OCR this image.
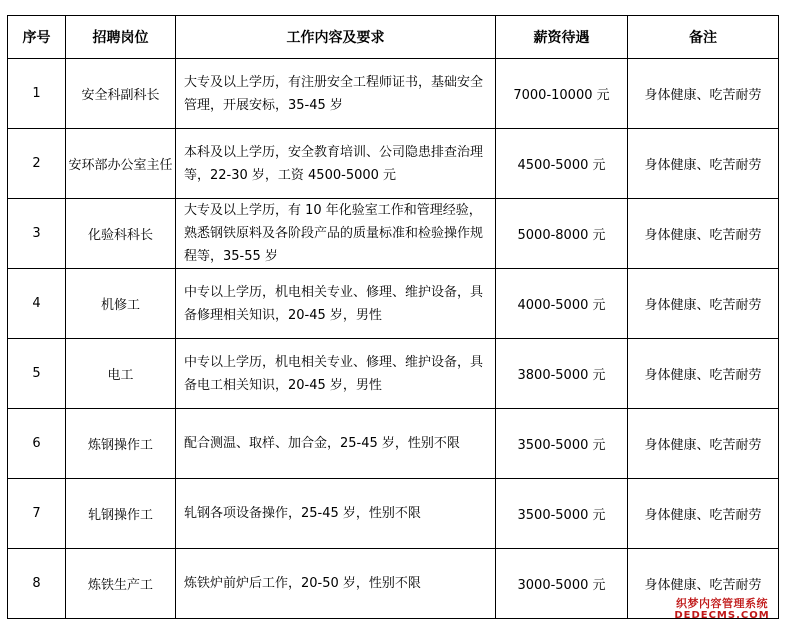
序号	招聘岗位	工作内容及要求	薪资待遇	备注
1	安全科副科长	大专及以上学历，有注册安全工程师证书，基础安全管理，开展安标，35-45 岁	7000-10000 元	身体健康、吃苦耐劳
2	安环部办公室主任	本科及以上学历，安全教育培训、公司隐患排查治理等，22-30 岁，工资 4500-5000 元	4500-5000 元	身体健康、吃苦耐劳
3	化验科科长	大专及以上学历，有 10 年化验室工作和管理经验，熟悉钢铁原料及各阶段产品的质量标准和检验操作规程等，35-55 岁	5000-8000 元	身体健康、吃苦耐劳
4	机修工	中专以上学历，机电相关专业、修理、维护设备，具备修理相关知识，20-45 岁，男性	4000-5000 元	身体健康、吃苦耐劳
5	电工	中专以上学历，机电相关专业、修理、维护设备，具备电工相关知识，20-45 岁，男性	3800-5000 元	身体健康、吃苦耐劳
6	炼钢操作工	配合测温、取样、加合金，25-45 岁，性别不限	3500-5000 元	身体健康、吃苦耐劳
7	轧钢操作工	轧钢各项设备操作，25-45 岁，性别不限	3500-5000 元	身体健康、吃苦耐劳
8	炼铁生产工	炼铁炉前炉后工作，20-50 岁，性别不限	3000-5000 元	身体健康、吃苦耐劳
织梦内容管理系统
DEDECMS.COM
